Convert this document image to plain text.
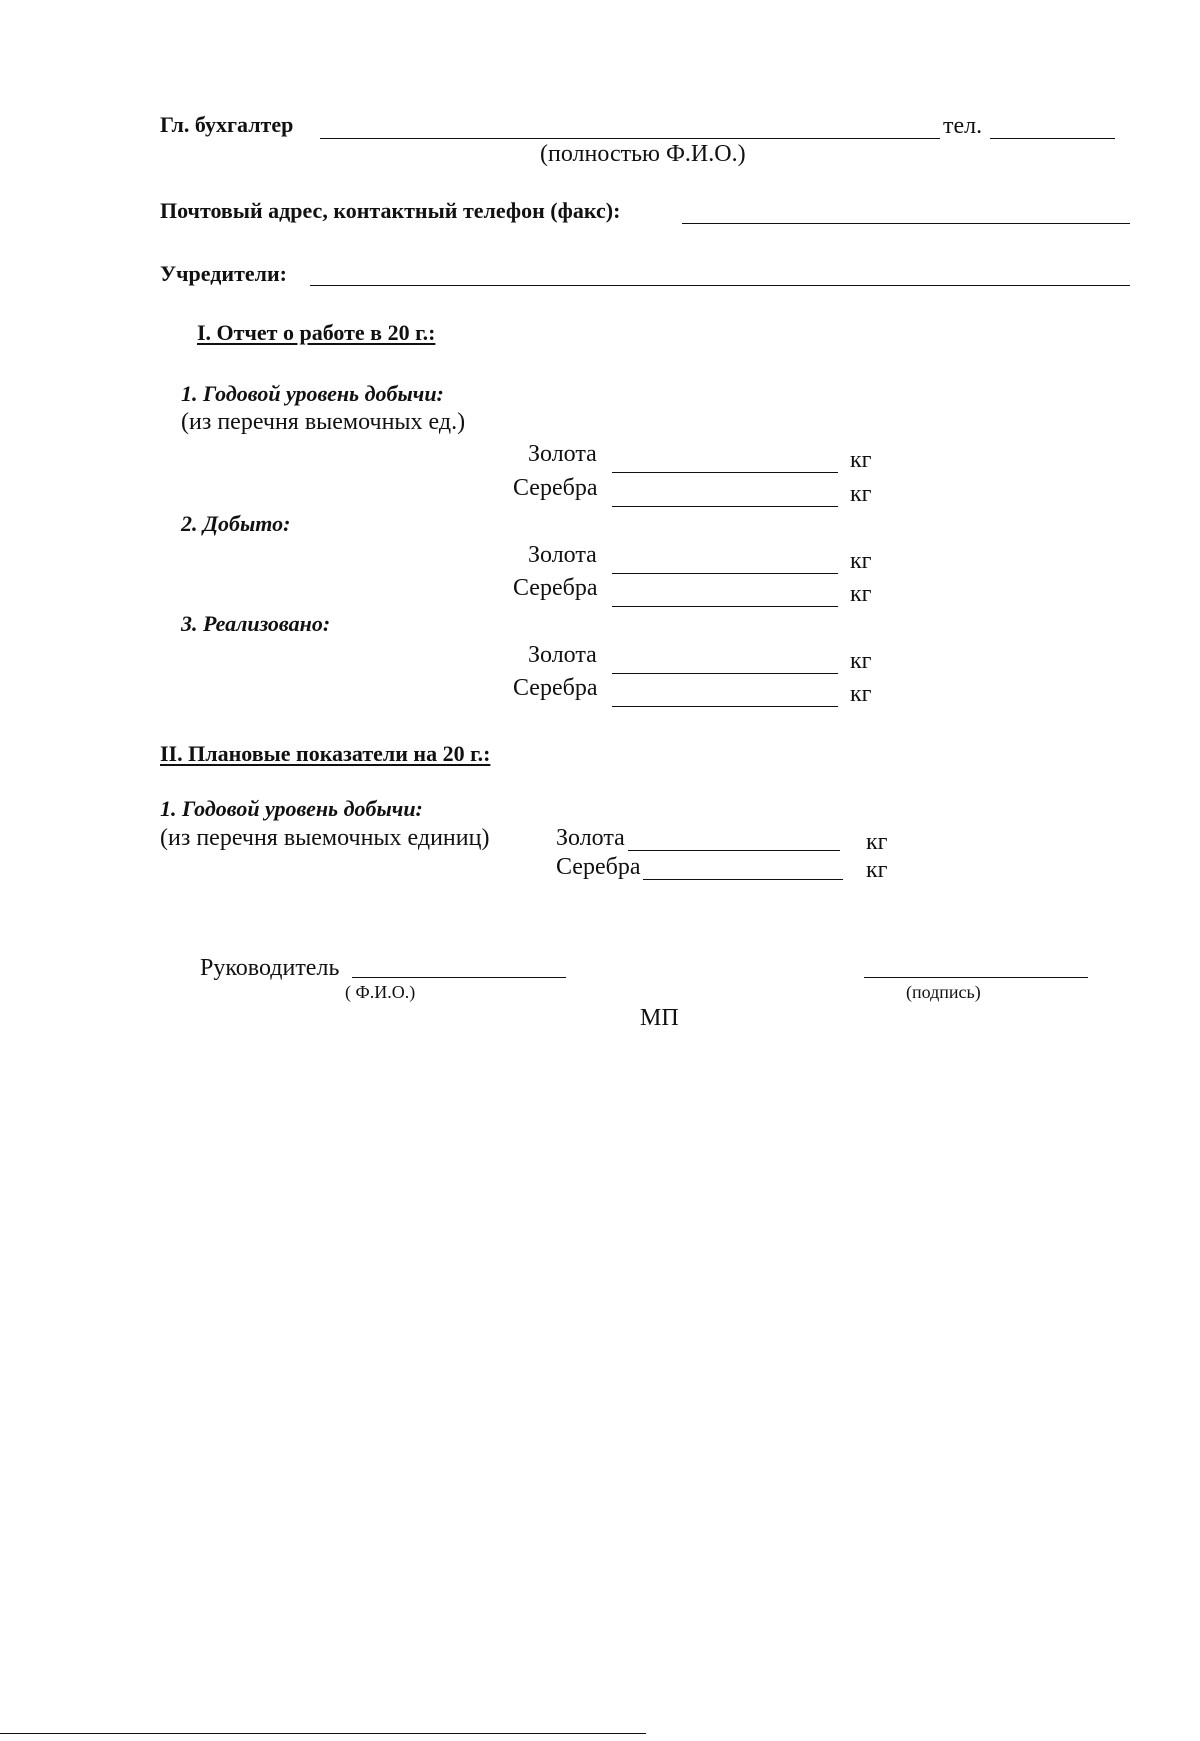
Гл. бухгалтер	тел.
(полностью Ф.И.О.)
Почтовый адрес, контактный телефон (факс):
Учредители:
I. Отчет о работе в 20 г.:
1. Годовой уровень добычи:
(из перечня выемочных ед.)
Золота	кг
Серебра	кг
2. Добыто:
Золота	кг
Серебра	кг
3. Реализовано:
Золота	кг
Серебра	кг
II. Плановые показатели на 20 г.:
1. Годовой уровень добычи:
(из перечня выемочных единиц)	Золота	кг
Серебра	кг
Руководитель
( Ф.И.О.)	(подпись)
МП
